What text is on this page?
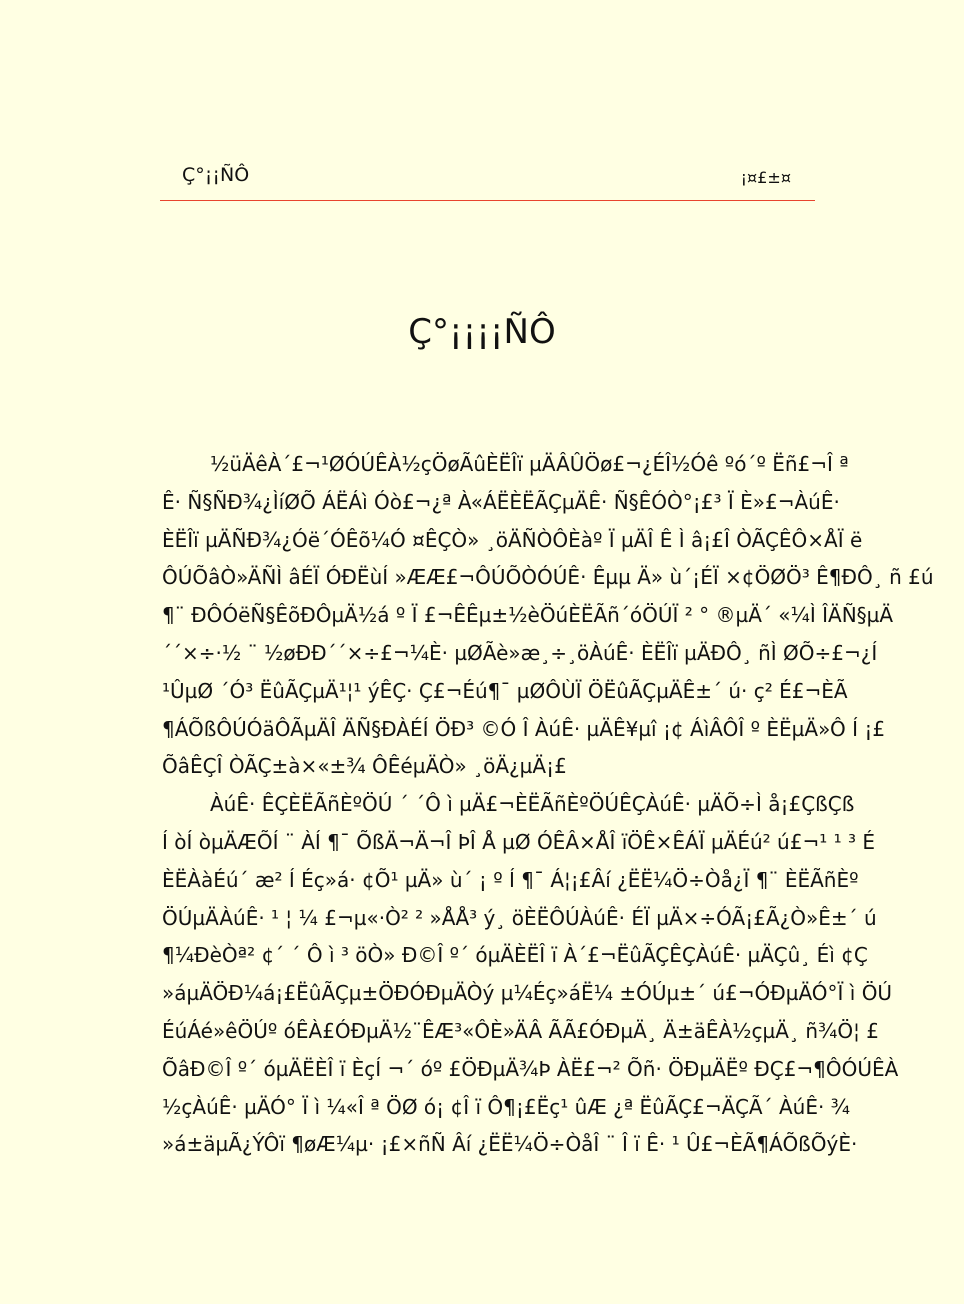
Ç°¡¡ÑÔ	¡¤£±¤
Ç°¡¡¡¡ÑÔ
½üÄêÀ´£¬¹ØÓÚÊÀ½çÖøÃûÈËÎï µÄÂÛÖø£¬¿ÉÎ½Óê ºó´º Ëñ£¬Î ª
Ê· Ñ§ÑÐ¾¿ÌíØÕ ÁËÁì Óò£¬¿ª À«ÁËÈËÃÇµÄÊ· Ñ§ÊÓÒ°¡£³ Ï È»£¬ÀúÊ·
ÈËÎï µÄÑÐ¾¿Óë´ÓÊõ¼Ó ¤ÊÇÒ» ¸öÄÑÒÔÈàº Ï µÄÎ Ê Ì â¡£Î ÒÃÇÊÔ×ÅÏ ë
ÔÚÕâÒ»ÄÑÌ âÉÏ ÓÐËùÍ »ÆÆ£¬ÔÚÕÒÓÚÊ· Êµµ Ä» ù´¡ÉÏ ×¢ÖØÖ³ Ê¶ÐÔ¸ ñ £ú
¶¨ ÐÔÓëÑ§ÊõÐÔµÄ½á º Ï £¬ÊÊµ±½èÖúÈËÃñ´óÖÚÏ ² ° ®µÄ´ «¼Ì ÎÄÑ§µÄ
´´×÷·½ ¨ ½øÐÐ´´×÷£¬¼È· µØÃè»æ¸÷¸öÀúÊ· ÈËÎï µÄÐÔ¸ ñÌ ØÕ÷£¬¿Í
¹ÛµØ ´Ó³ ËûÃÇµÄ¹¦¹ ýÊÇ· Ç£¬Éú¶¯ µØÔÙÏ ÖËûÃÇµÄÊ±´ ú· ç² É£¬ÈÃ
¶ÁÕßÔÚÓäÔÃµÄÎ ÄÑ§ÐÀÉÍ ÖÐ³ ©Ó Î ÀúÊ· µÄÊ¥µî ¡¢ ÁìÂÔÎ º ÈËµÄ»Ô Í ¡£
ÕâÊÇÎ ÒÃÇ±à×«±¾ ÔÊéµÄÒ» ¸öÄ¿µÄ¡£
ÀúÊ· ÊÇÈËÃñÈºÖÚ ´ ´Ô ì µÄ£¬ÈËÃñÈºÖÚÊÇÀúÊ· µÄÕ÷Ì å¡£ÇßÇß
Í òÍ òµÄÆÕÍ ¨ ÀÍ ¶¯ ÕßÄ¬Ä¬Î ÞÎ Å µØ ÓÊÂ×ÅÎ ïÖÊ×ÊÁÏ µÄÉú² ú£¬¹ ¹ ³ É
ÈËÀàÉú´ æ² Í Éç»á· ¢Õ¹ µÄ» ù´ ¡ º Í ¶¯ Á¦¡£Âí ¿ËË¼Ö÷Òå¿Ï ¶¨ ÈËÃñÈº
ÖÚµÄÀúÊ· ¹ ¦ ¼ £¬µ«·Ò² ² »ÅÅ³ ý¸ öÈËÔÚÀúÊ· ÉÏ µÄ×÷ÓÃ¡£Ã¿Ò»Ê±´ ú
¶¼ÐèÒª² ¢´ ´ Ô ì ³ öÒ» Ð©Î º´ óµÄÈËÎ ï À´£¬ËûÃÇÊÇÀúÊ· µÄÇû¸ Éì ¢Ç
»áµÄÖÐ¼á¡£ËûÃÇµ±ÖÐÓÐµÄÒý µ¼Éç»áË¼ ±ÓÚµ±´ ú£¬ÓÐµÄÓ°Ï ì ÖÚ
ÉúÁé»êÖÚº óÊÀ£ÓÐµÄ½¨ÊÆ³«ÔÈ»ÄÂ ÃÃ£ÓÐµÄ¸ Ä±äÊÀ½çµÄ¸ ñ¾Ö¦ £
ÕâÐ©Î º´ óµÄËÈÎ ï ÈçÍ ¬´ óº £ÖÐµÄ¾Þ ÀË£¬² Õñ· ÖÐµÄËº ÐÇ£¬¶ÔÓÚÊÀ
½çÀúÊ· µÄÓ° Ï ì ¼«Î ª ÖØ ó¡ ¢Î ï Ô¶¡£Ëç¹ ûÆ ¿ª ËûÃÇ£¬ÄÇÃ´ ÀúÊ· ¾
»á±äµÃ¿ÝÔï ¶øÆ¼µ· ¡£×ñÑ Âí ¿ËË¼Ö÷ÒåÎ ¨ Î ï Ê· ¹ Û£¬ÈÃ¶ÁÕßÕýÈ·
